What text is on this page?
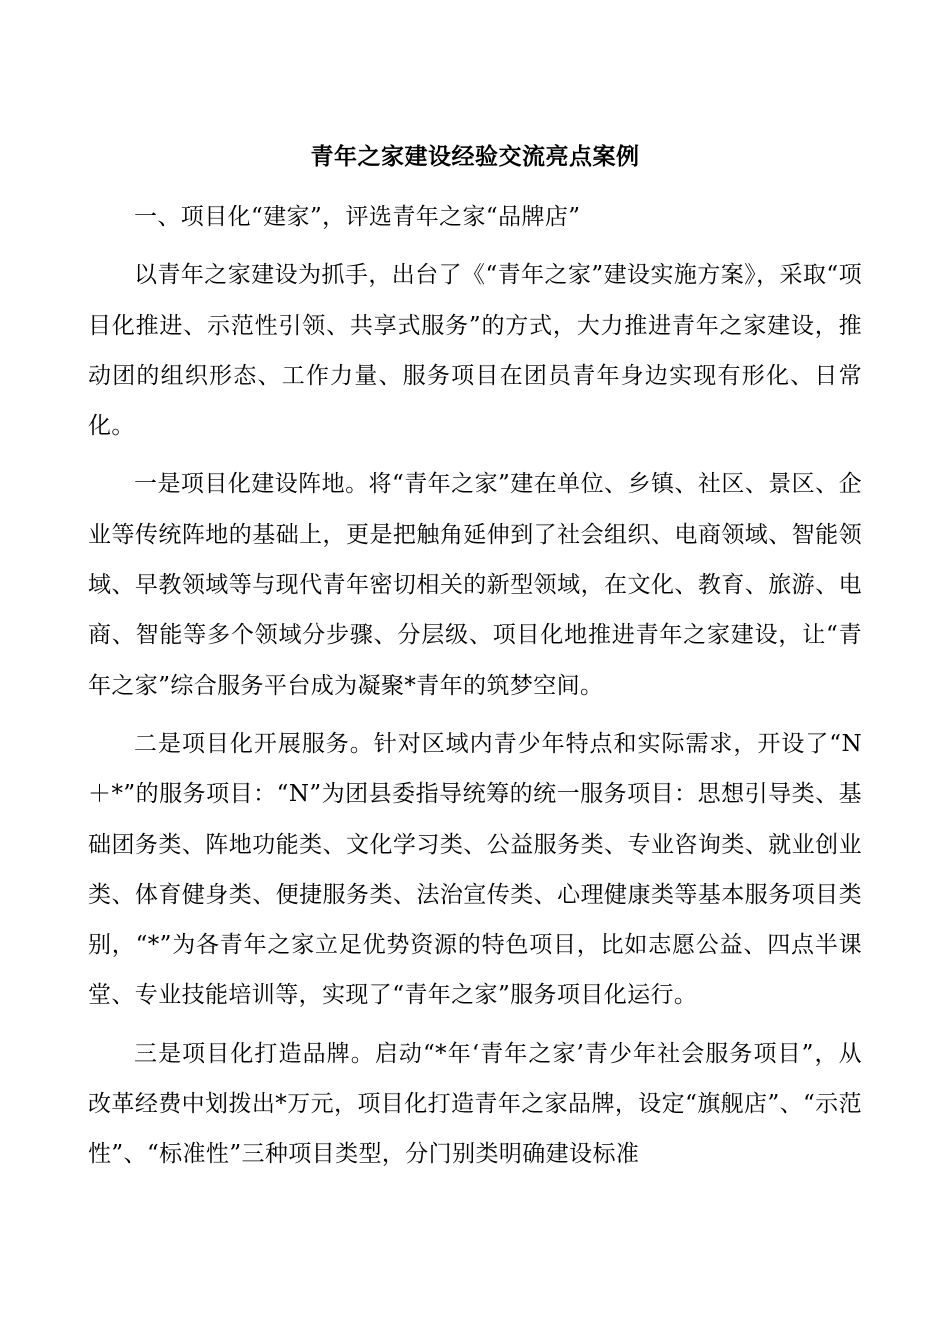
青年之家建设经验交流亮点案例

一、项目化“建家”，评选青年之家“品牌店”

以青年之家建设为抓手，出台了《“青年之家”建设实施方案》，采取“项目化推进、示范性引领、共享式服务”的方式，大力推进青年之家建设，推动团的组织形态、工作力量、服务项目在团员青年身边实现有形化、日常化。

一是项目化建设阵地。将“青年之家”建在单位、乡镇、社区、景区、企业等传统阵地的基础上，更是把触角延伸到了社会组织、电商领域、智能领域、早教领域等与现代青年密切相关的新型领域，在文化、教育、旅游、电商、智能等多个领域分步骤、分层级、项目化地推进青年之家建设，让“青年之家”综合服务平台成为凝聚*青年的筑梦空间。

二是项目化开展服务。针对区域内青少年特点和实际需求，开设了“N＋*”的服务项目：“N”为团县委指导统筹的统一服务项目：思想引导类、基础团务类、阵地功能类、文化学习类、公益服务类、专业咨询类、就业创业类、体育健身类、便捷服务类、法治宣传类、心理健康类等基本服务项目类别，“*”为各青年之家立足优势资源的特色项目，比如志愿公益、四点半课堂、专业技能培训等，实现了“青年之家”服务项目化运行。

三是项目化打造品牌。启动“*年‘青年之家’青少年社会服务项目”，从改革经费中划拨出*万元，项目化打造青年之家品牌，设定“旗舰店”、“示范性”、“标准性”三种项目类型，分门别类明确建设标准
